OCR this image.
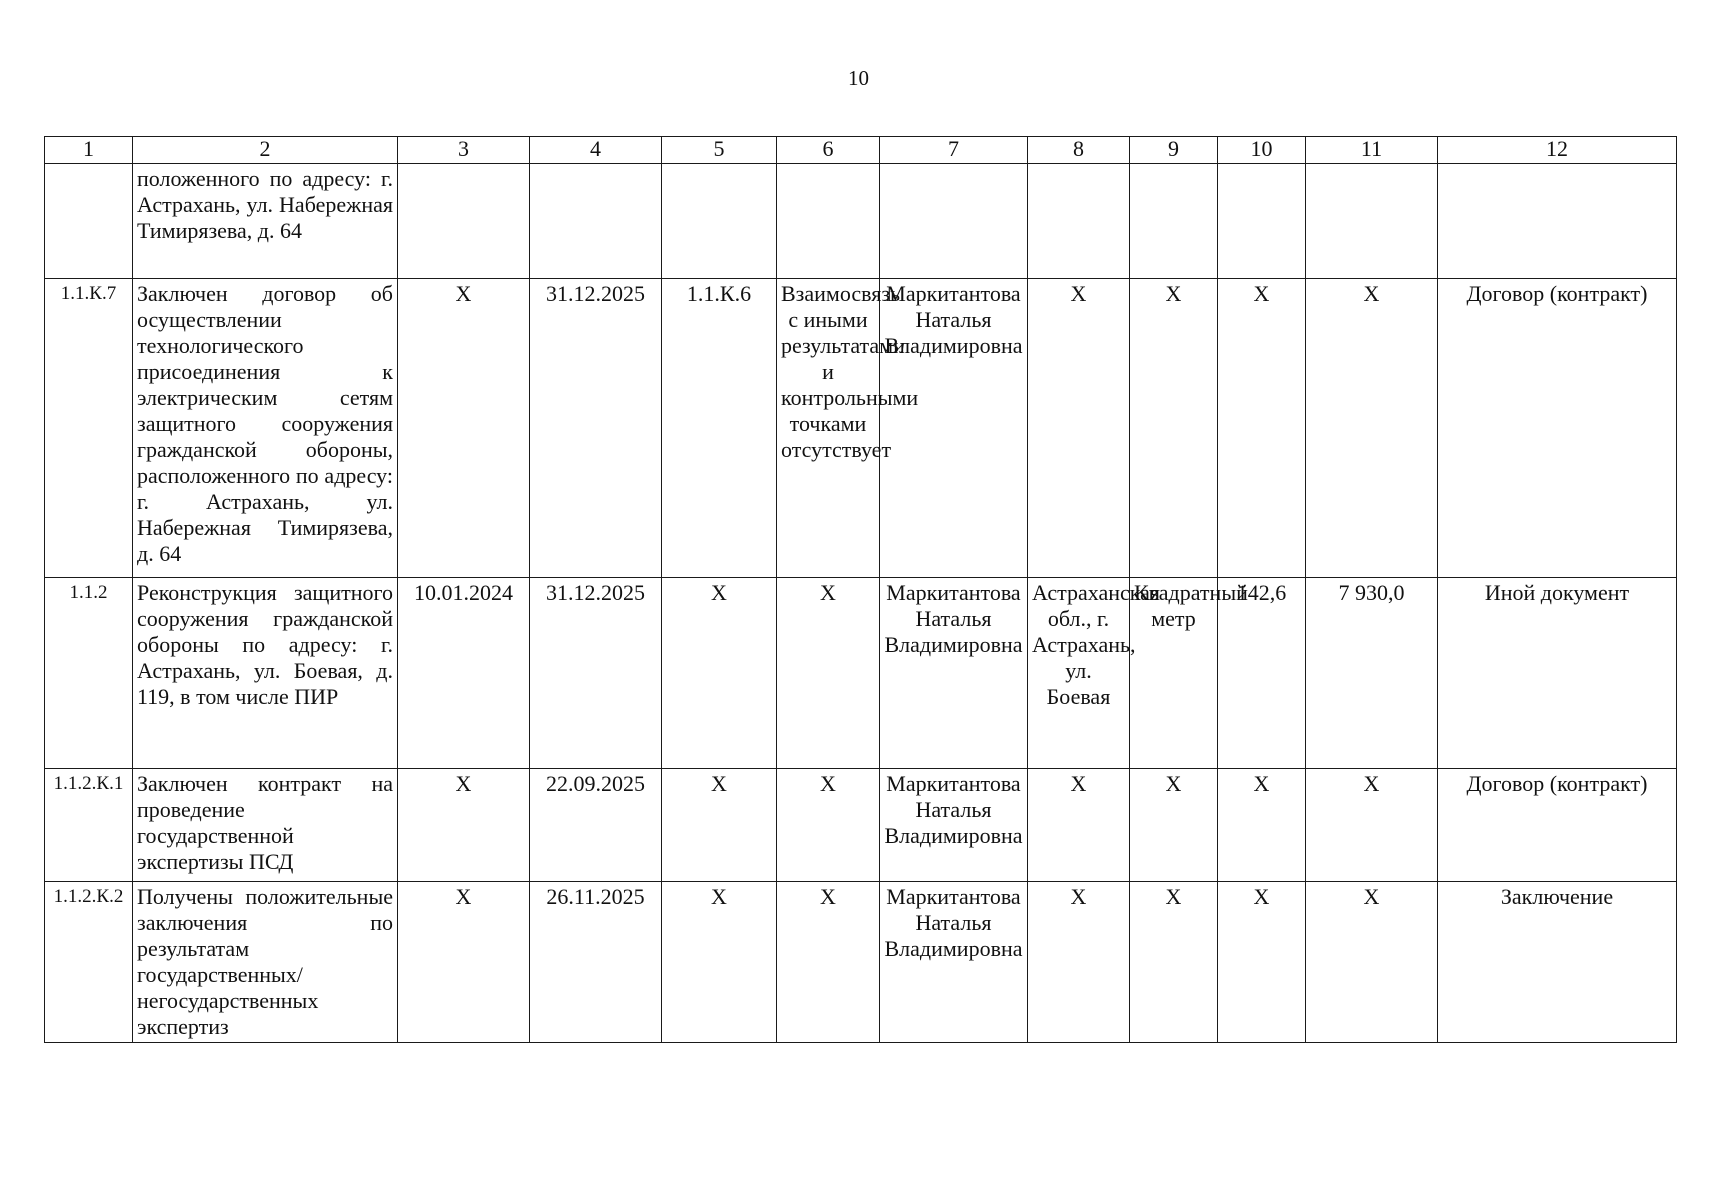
10
1	2	3	4	5	6	7	8	9	10	11	12
	положенного по адресу: г. Астрахань, ул. Набережная Тимирязева, д. 64										
1.1.К.7	Заключен договор об осуществлении технологического присоединения к электрическим сетям защитного сооружения гражданской обороны, расположенного по адресу: г. Астрахань, ул. Набережная Тимирязева, д. 64	X	31.12.2025	1.1.К.6	Взаимосвязь с иными результатами и контрольными точками отсутствует	Маркитантова Наталья Владимировна	X	X	X	X	Договор (контракт)
1.1.2	Реконструкция защитного сооружения гражданской обороны по адресу: г. Астрахань, ул. Боевая, д. 119, в том числе ПИР	10.01.2024	31.12.2025	X	X	Маркитантова Наталья Владимировна	Астраханская обл., г. Астрахань, ул. Боевая	Квадратный метр	142,6	7 930,0	Иной документ
1.1.2.К.1	Заключен контракт на проведение государственной экспертизы ПСД	X	22.09.2025	X	X	Маркитантова Наталья Владимировна	X	X	X	X	Договор (контракт)
1.1.2.К.2	Получены положительные заключения по результатам государственных/ негосударственных экспертиз	X	26.11.2025	X	X	Маркитантова Наталья Владимировна	X	X	X	X	Заключение
